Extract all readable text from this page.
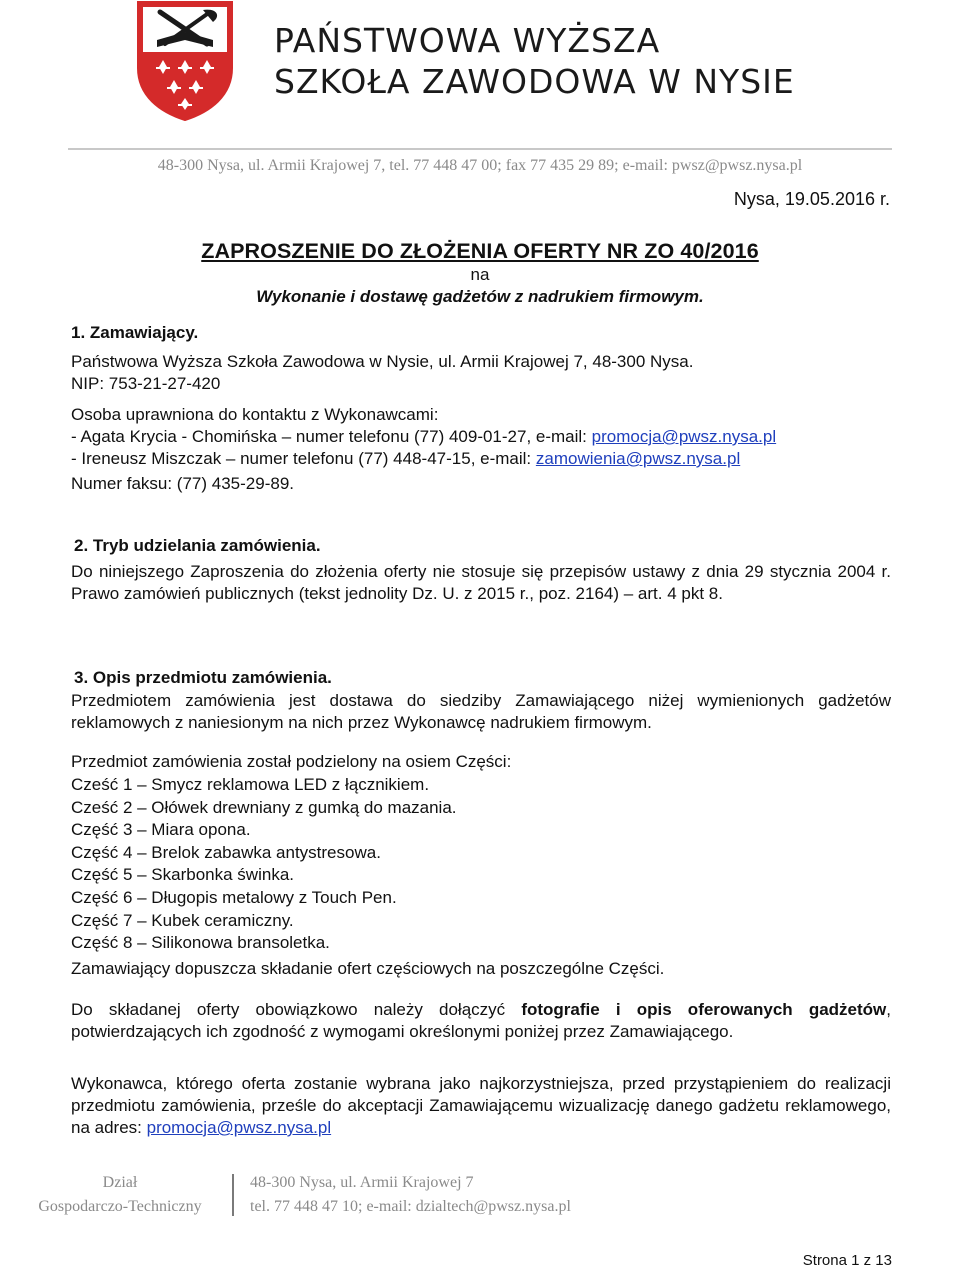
PAŃSTWOWA WYŻSZA
SZKOŁA ZAWODOWA W NYSIE
48-300 Nysa, ul. Armii Krajowej 7, tel. 77 448 47 00; fax 77 435 29 89; e-mail: pwsz@pwsz.nysa.pl
Nysa, 19.05.2016 r.
ZAPROSZENIE DO ZŁOŻENIA OFERTY NR ZO 40/2016
na
Wykonanie i dostawę gadżetów z nadrukiem firmowym.
1. Zamawiający.
Państwowa Wyższa Szkoła Zawodowa w Nysie, ul. Armii Krajowej 7, 48-300 Nysa.
NIP: 753-21-27-420
Osoba uprawniona do kontaktu z Wykonawcami:
- Agata Krycia - Chomińska – numer telefonu (77) 409-01-27, e-mail: promocja@pwsz.nysa.pl
- Ireneusz Miszczak – numer telefonu (77) 448-47-15, e-mail: zamowienia@pwsz.nysa.pl
Numer faksu: (77) 435-29-89.
2. Tryb udzielania zamówienia.
Do niniejszego Zaproszenia do złożenia oferty nie stosuje się przepisów ustawy z dnia 29 stycznia 2004 r. Prawo zamówień publicznych (tekst jednolity Dz. U. z 2015 r., poz. 2164) – art. 4 pkt 8.
3. Opis przedmiotu zamówienia.
Przedmiotem zamówienia jest dostawa do siedziby Zamawiającego niżej wymienionych gadżetów reklamowych z naniesionym na nich przez Wykonawcę nadrukiem firmowym.
Przedmiot zamówienia został podzielony na osiem Części:
Cześć 1 – Smycz reklamowa LED z łącznikiem.
Cześć 2 – Ołówek drewniany z gumką do mazania.
Część 3 – Miara opona.
Część 4 – Brelok zabawka antystresowa.
Część 5 – Skarbonka świnka.
Część 6 – Długopis metalowy z Touch Pen.
Część 7 – Kubek ceramiczny.
Część 8 – Silikonowa bransoletka.
Zamawiający dopuszcza składanie ofert częściowych na poszczególne Części.
Do składanej oferty obowiązkowo należy dołączyć fotografie i opis oferowanych gadżetów, potwierdzających ich zgodność z wymogami określonymi poniżej przez Zamawiającego.
Wykonawca, którego oferta zostanie wybrana jako najkorzystniejsza, przed przystąpieniem do realizacji przedmiotu zamówienia, prześle do akceptacji Zamawiającemu wizualizację danego gadżetu reklamowego, na adres: promocja@pwsz.nysa.pl
Dział
Gospodarczo-Techniczny
48-300 Nysa, ul. Armii Krajowej 7
tel. 77 448 47 10; e-mail: dzialtech@pwsz.nysa.pl
Strona 1 z 13
